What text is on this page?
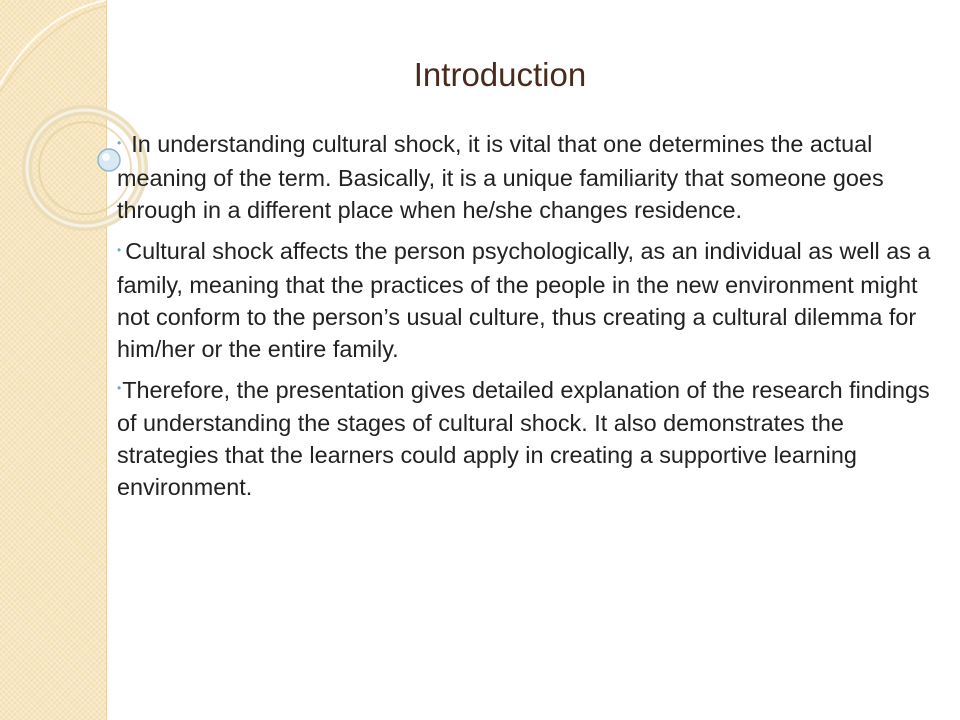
Introduction

• In understanding cultural shock, it is vital that one determines the actual meaning of the term. Basically, it is a unique familiarity that someone goes through in a different place when he/she changes residence.

• Cultural shock affects the person psychologically, as an individual as well as a family, meaning that the practices of the people in the new environment might not conform to the person’s usual culture, thus creating a cultural dilemma for him/her or the entire family.

•Therefore, the presentation gives detailed explanation of the research findings of understanding the stages of cultural shock. It also demonstrates the strategies that the learners could apply in creating a supportive learning environment.
